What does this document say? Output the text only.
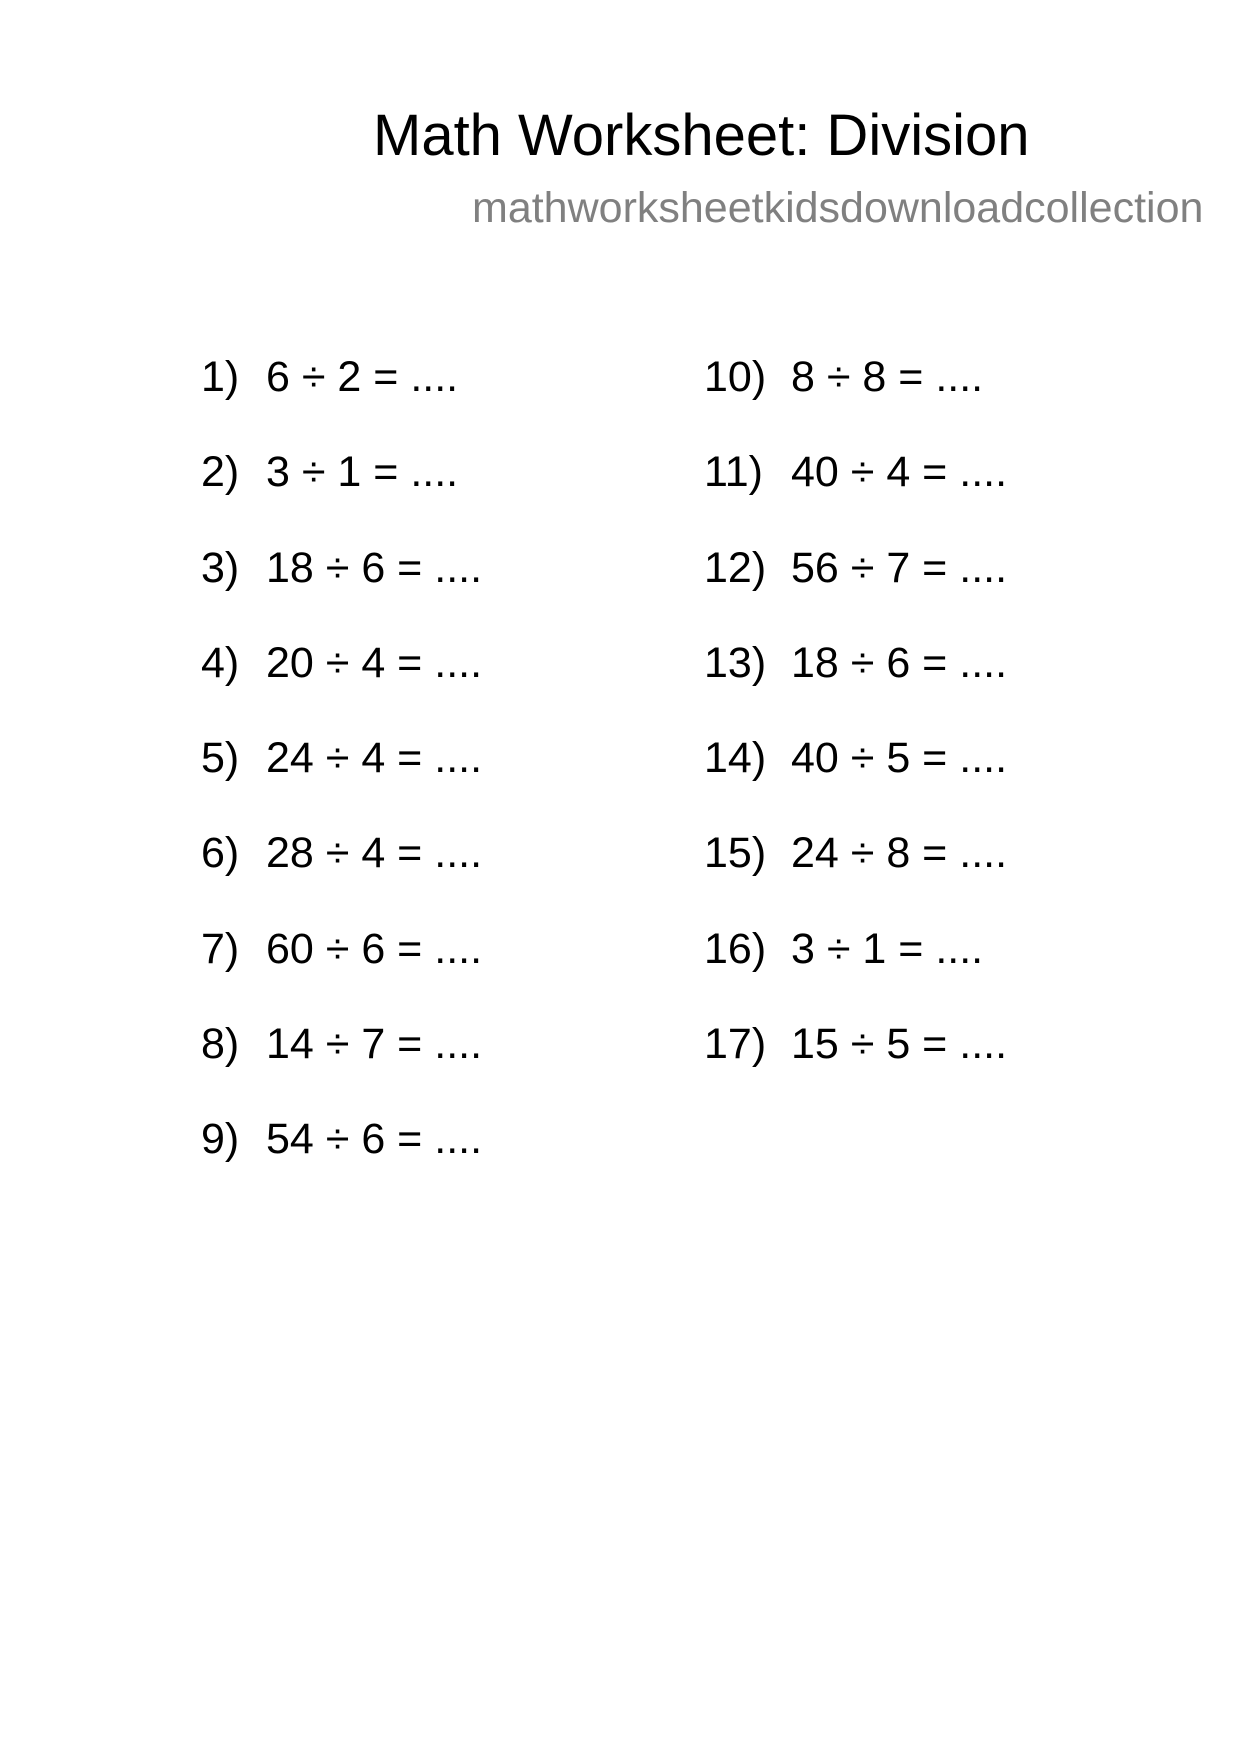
Math Worksheet: Division
mathworksheetkidsdownloadcollection
1) 6 ÷ 2 = ....
2) 3 ÷ 1 = ....
3) 18 ÷ 6 = ....
4) 20 ÷ 4 = ....
5) 24 ÷ 4 = ....
6) 28 ÷ 4 = ....
7) 60 ÷ 6 = ....
8) 14 ÷ 7 = ....
9) 54 ÷ 6 = ....
10) 8 ÷ 8 = ....
11) 40 ÷ 4 = ....
12) 56 ÷ 7 = ....
13) 18 ÷ 6 = ....
14) 40 ÷ 5 = ....
15) 24 ÷ 8 = ....
16) 3 ÷ 1 = ....
17) 15 ÷ 5 = ....
